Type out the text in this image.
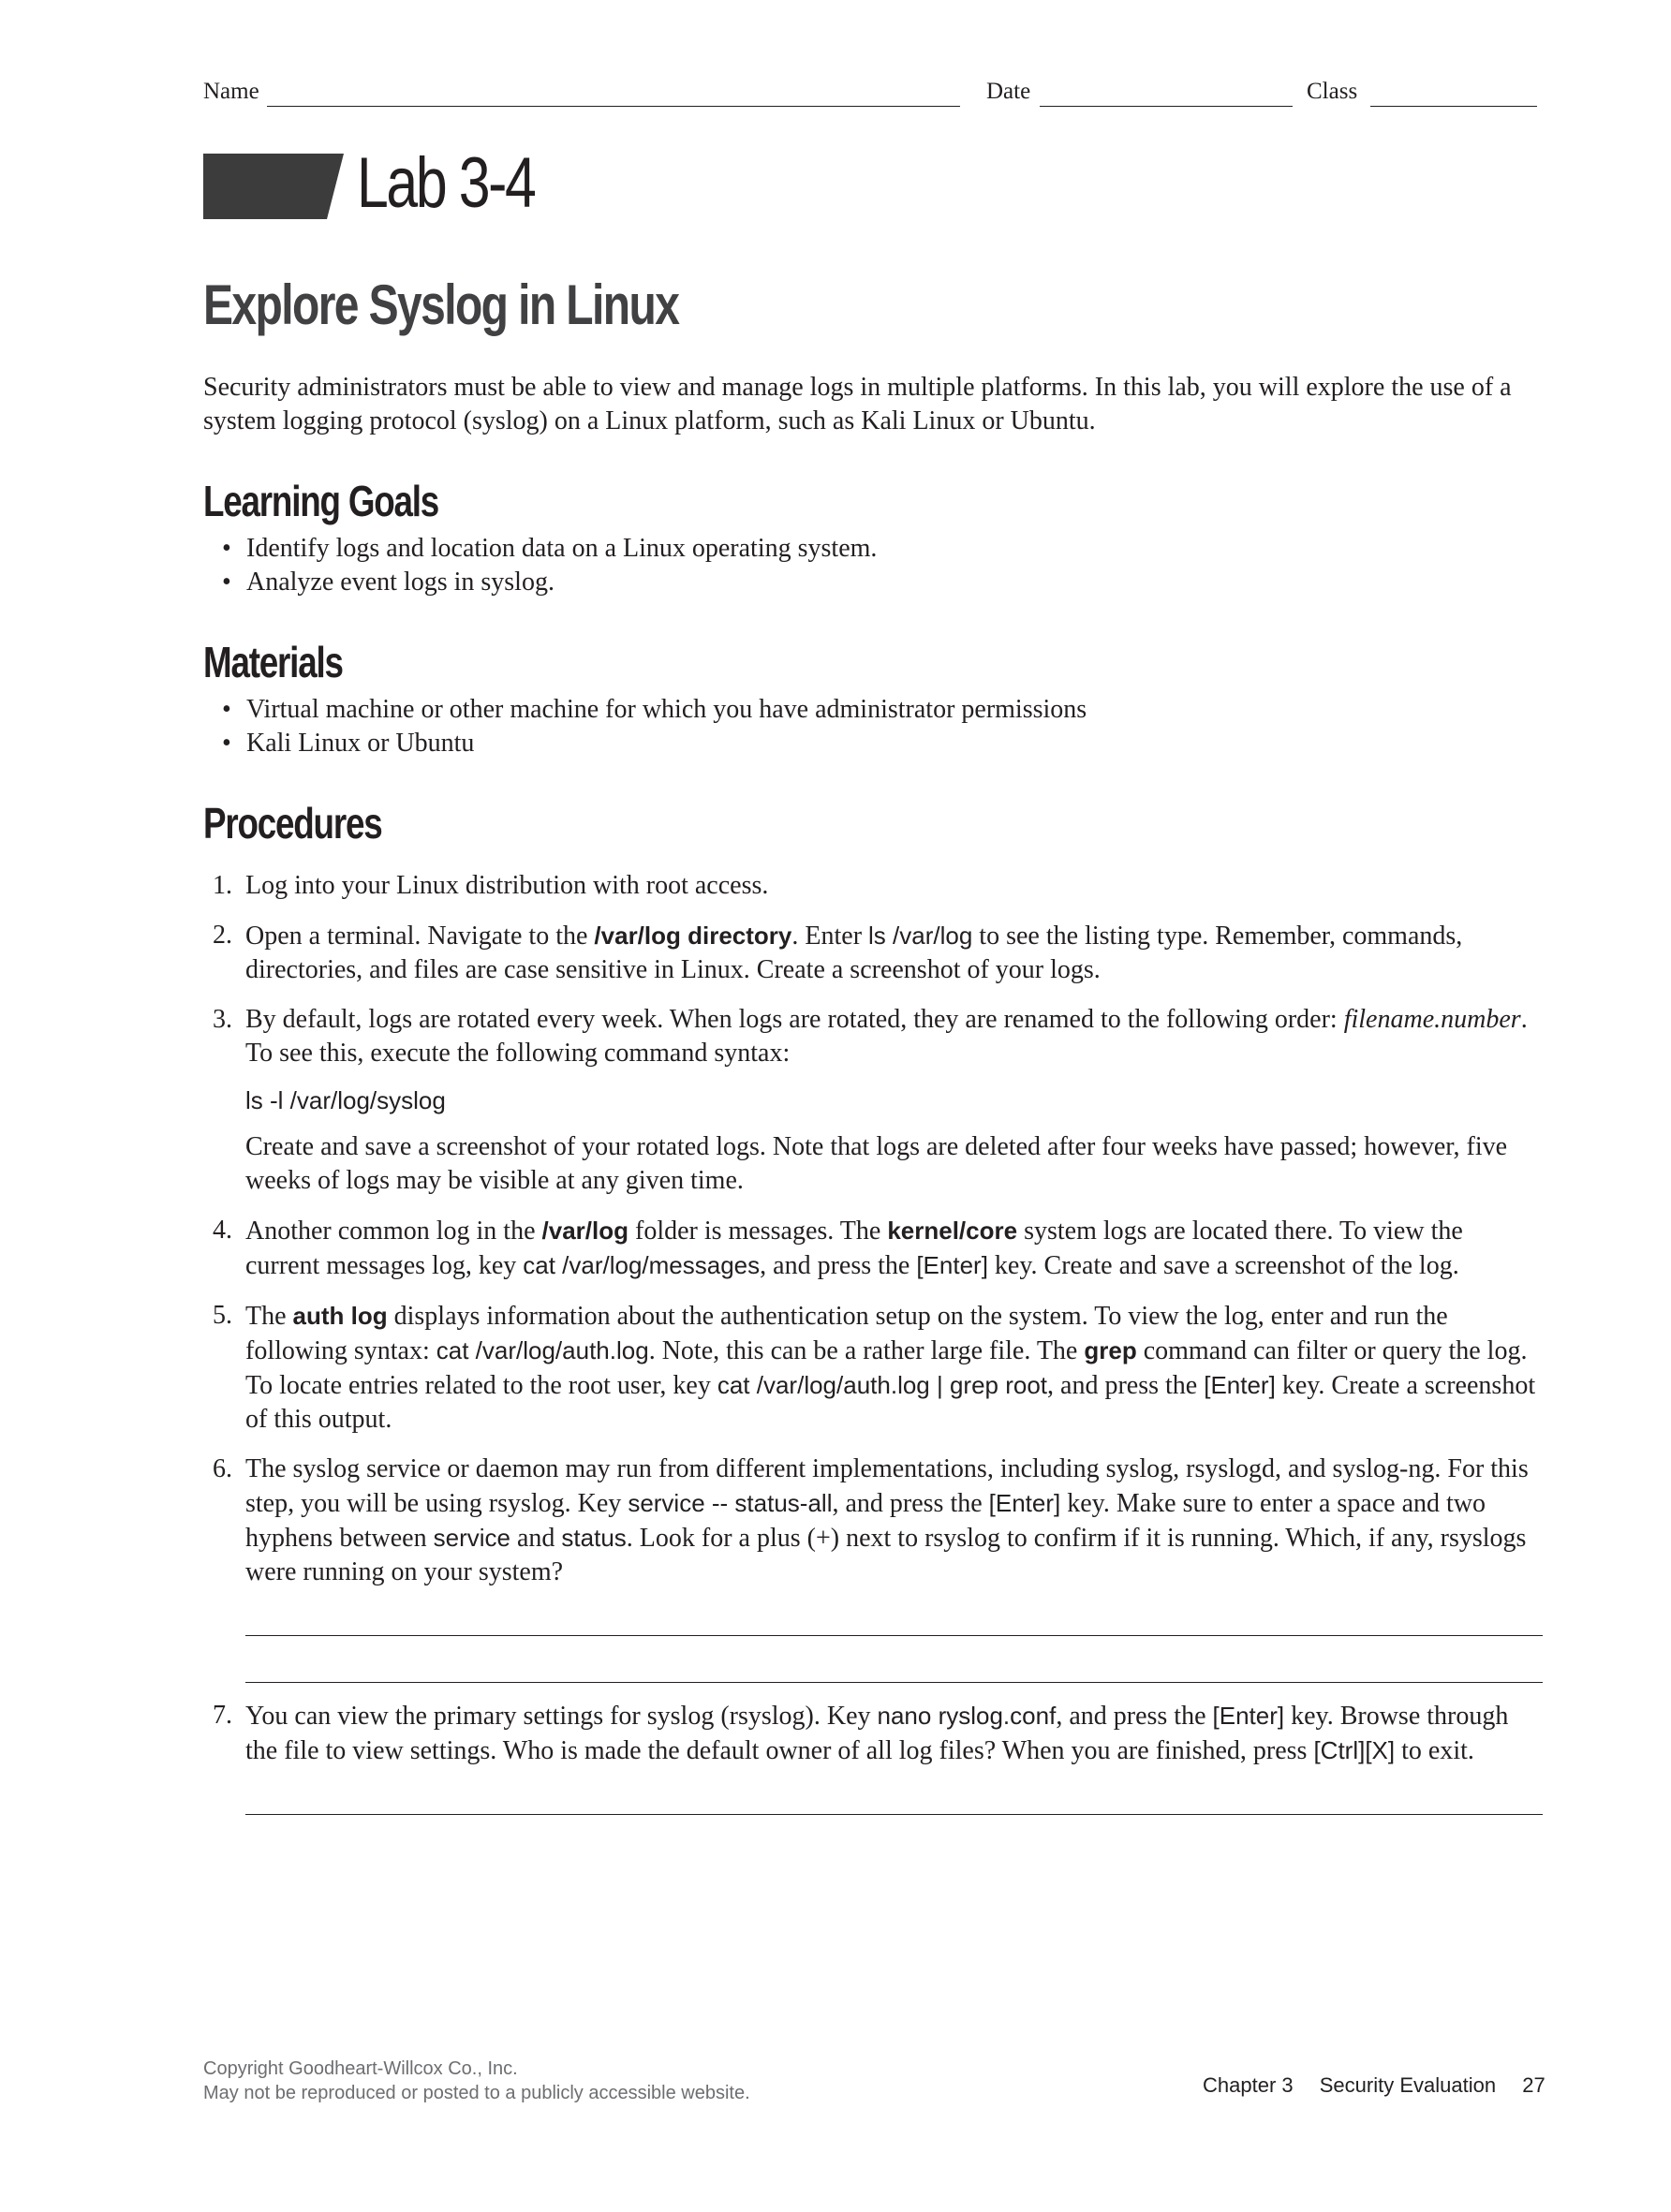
Name	Date	Class
Lab 3-4
Explore Syslog in Linux

Security administrators must be able to view and manage logs in multiple platforms. In this lab, you will explore the use of a system logging protocol (syslog) on a Linux platform, such as Kali Linux or Ubuntu.

Learning Goals
• Identify logs and location data on a Linux operating system.
• Analyze event logs in syslog.
Materials
• Virtual machine or other machine for which you have administrator permissions
• Kali Linux or Ubuntu
Procedures
1. Log into your Linux distribution with root access.

2. Open a terminal. Navigate to the /var/log directory. Enter ls /var/log to see the listing type. Remember, commands, directories, and files are case sensitive in Linux. Create a screenshot of your logs.

3. By default, logs are rotated every week. When logs are rotated, they are renamed to the following order: filename.number. To see this, execute the following command syntax:

ls -l /var/log/syslog

Create and save a screenshot of your rotated logs. Note that logs are deleted after four weeks have passed; however, five weeks of logs may be visible at any given time.

4. Another common log in the /var/log folder is messages. The kernel/core system logs are located there. To view the current messages log, key cat /var/log/messages, and press the [Enter] key. Create and save a screenshot of the log.

5. The auth log displays information about the authentication setup on the system. To view the log, enter and run the following syntax: cat /var/log/auth.log. Note, this can be a rather large file. The grep command can filter or query the log. To locate entries related to the root user, key cat /var/log/auth.log | grep root, and press the [Enter] key. Create a screenshot of this output.

6. The syslog service or daemon may run from different implementations, including syslog, rsyslogd, and syslog-ng. For this step, you will be using rsyslog. Key service -- status-all, and press the [Enter] key. Make sure to enter a space and two hyphens between service and status. Look for a plus (+) next to rsyslog to confirm if it is running. Which, if any, rsyslogs were running on your system?

7. You can view the primary settings for syslog (rsyslog). Key nano ryslog.conf, and press the [Enter] key. Browse through the file to view settings. Who is made the default owner of all log files? When you are finished, press [Ctrl][X] to exit.

Copyright Goodheart-Willcox Co., Inc.
May not be reproduced or posted to a publicly accessible website.	Chapter 3 Security Evaluation 27
